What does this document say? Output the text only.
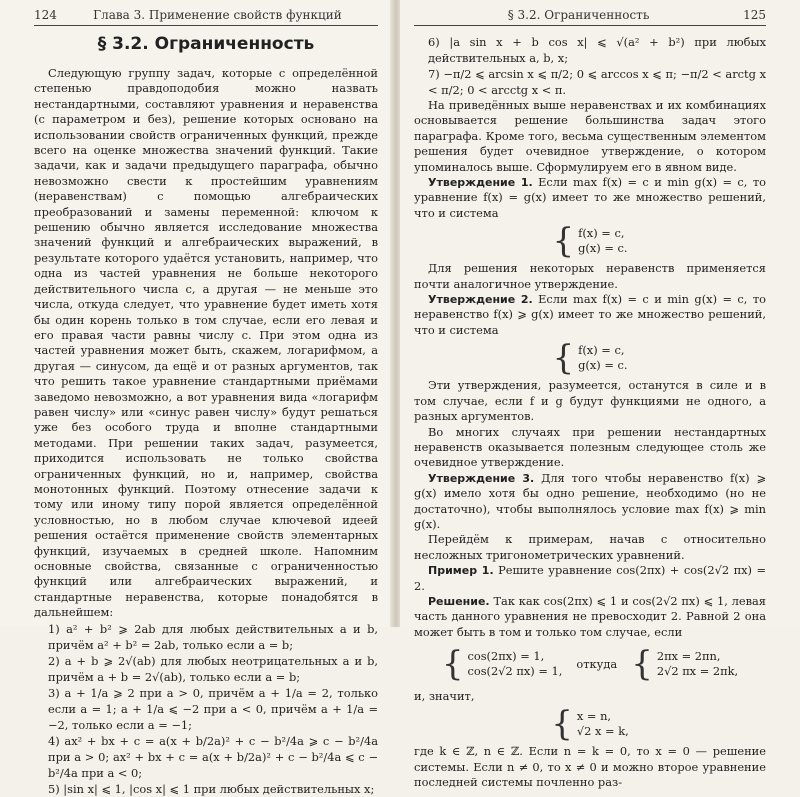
124	Глава 3. Применение свойств функций
§ 3.2. Ограниченность

Следующую группу задач, которые с определённой степенью правдоподобия можно назвать нестандартными, составляют уравнения и неравенства (с параметром и без), решение которых основано на использовании свойств ограниченных функций, прежде всего на оценке множества значений функций. Такие задачи, как и задачи предыдущего параграфа, обычно невозможно свести к простейшим уравнениям (неравенствам) с помощью алгебраических преобразований и замены переменной: ключом к решению обычно является исследование множества значений функций и алгебраических выражений, в результате которого удаётся установить, например, что одна из частей уравнения не больше некоторого действительного числа c, а другая — не меньше это числа, откуда следует, что уравнение будет иметь хотя бы один корень только в том случае, если его левая и его правая части равны числу c. При этом одна из частей уравнения может быть, скажем, логарифмом, а другая — синусом, да ещё и от разных аргументов, так что решить такое уравнение стандартными приёмами заведомо невозможно, а вот уравнения вида «логарифм равен числу» или «синус равен числу» будут решаться уже без особого труда и вполне стандартными методами. При решении таких задач, разумеется, приходится использовать не только свойства ограниченных функций, но и, например, свойства монотонных функций. Поэтому отнесение задачи к тому или иному типу порой является определённой условностью, но в любом случае ключевой идеей решения остаётся применение свойств элементарных функций, изучаемых в средней школе. Напомним основные свойства, связанные с ограниченностью функций или алгебраических выражений, и стандартные неравенства, которые понадобятся в дальнейшем:

1) a² + b² ⩾ 2ab для любых действительных a и b, причём a² + b² = 2ab, только если a = b;
2) a + b ⩾ 2√(ab) для любых неотрицательных a и b, причём a + b = 2√(ab), только если a = b;
3) a + 1/a ⩾ 2 при a > 0, причём a + 1/a = 2, только если a = 1; a + 1/a ⩽ −2 при a < 0, причём a + 1/a = −2, только если a = −1;
4) ax² + bx + c = a(x + b/2a)² + c − b²/4a ⩾ c − b²/4a при a > 0; ax² + bx + c = a(x + b/2a)² + c − b²/4a ⩽ c − b²/4a при a < 0;
5) |sin x| ⩽ 1, |cos x| ⩽ 1 при любых действительных x;
§ 3.2. Ограниченность	125
6) |a sin x + b cos x| ⩽ √(a² + b²) при любых действительных a, b, x;
7) −π/2 ⩽ arcsin x ⩽ π/2; 0 ⩽ arccos x ⩽ π; −π/2 < arctg x < π/2; 0 < arcctg x < π.

На приведённых выше неравенствах и их комбинациях основывается решение большинства задач этого параграфа. Кроме того, весьма существенным элементом решения будет очевидное утверждение, о котором упоминалось выше. Сформулируем его в явном виде.

Утверждение 1. Если max f(x) = c и min g(x) = c, то уравнение f(x) = g(x) имеет то же множество решений, что и система

{ f(x) = c,
g(x) = c.

Для решения некоторых неравенств применяется почти аналогичное утверждение.

Утверждение 2. Если max f(x) = c и min g(x) = c, то неравенство f(x) ⩾ g(x) имеет то же множество решений, что и система

{ f(x) = c,
g(x) = c.

Эти утверждения, разумеется, останутся в силе и в том случае, если f и g будут функциями не одного, а разных аргументов.

Во многих случаях при решении нестандартных неравенств оказывается полезным следующее столь же очевидное утверждение.

Утверждение 3. Для того чтобы неравенство f(x) ⩾ g(x) имело хотя бы одно решение, необходимо (но не достаточно), чтобы выполнялось условие max f(x) ⩾ min g(x).

Перейдём к примерам, начав с относительно несложных тригонометрических уравнений.

Пример 1. Решите уравнение cos(2πx) + cos(2√2 πx) = 2.

Решение. Так как cos(2πx) ⩽ 1 и cos(2√2 πx) ⩽ 1, левая часть данного уравнения не превосходит 2. Равной 2 она может быть в том и только том случае, если

{ cos(2πx) = 1,
cos(2√2 πx) = 1, откуда { 2πx = 2πn,
2√2 πx = 2πk,
и, значит,
{ x = n,
√2 x = k,

где k ∈ ℤ, n ∈ ℤ. Если n = k = 0, то x = 0 — решение системы. Если n ≠ 0, то x ≠ 0 и можно второе уравнение последней системы почленно раз-
